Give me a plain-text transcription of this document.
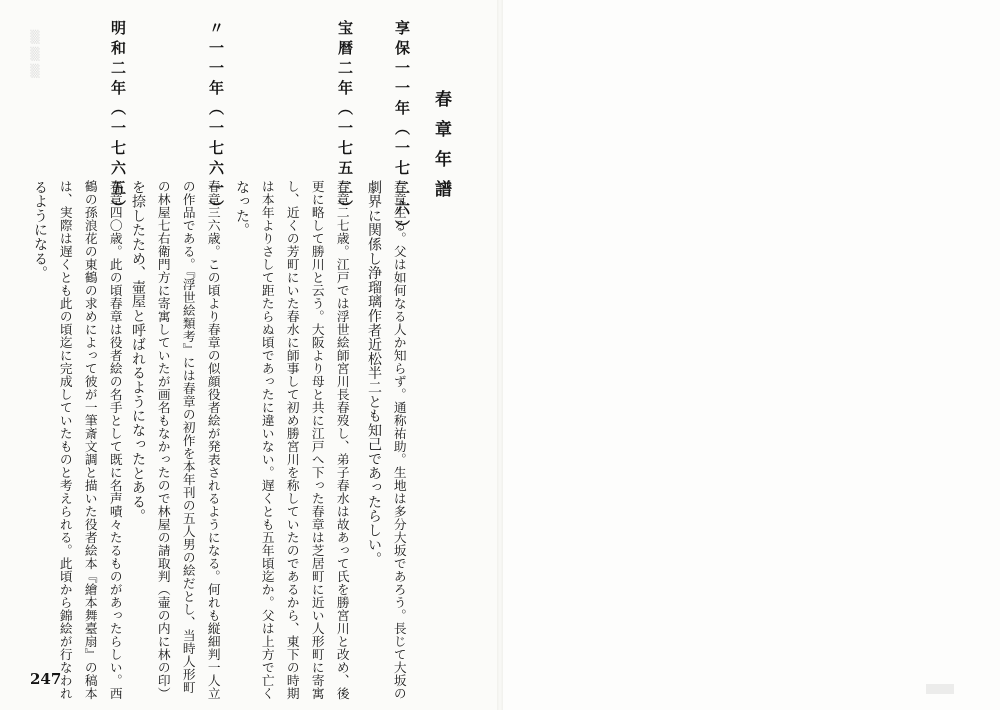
▒▒▒
春章年譜
享保一一年（一七二六）
春章生る。父は如何なる人か知らず。通称祐助。生地は多分大坂であろう。長じて大坂の
劇界に関係し浄瑠璃作者近松半二とも知己であったらしい。
宝暦二年（一七五二）
春章二七歳。江戸では浮世絵師宮川長春歿し、弟子春水は故あって氏を勝宮川と改め、後
更に略して勝川と云う。大阪より母と共に江戸へ下った春章は芝居町に近い人形町に寄寓
し、近くの芳町にいた春水に師事して初め勝宮川を称していたのであるから、東下の時期
は本年よりさして距たらぬ頃であったに違いない。遅くとも五年頃迄か。父は上方で亡く
なった。
〃一一年（一七六一）
春章三六歳。この頃より春章の似顔役者絵が発表されるようになる。何れも縦細判一人立
の作品である。『浮世絵類考』には春章の初作を本年刊の五人男の絵だとし、当時人形町
の林屋七右衛門方に寄寓していたが画名もなかったので林屋の請取判（壷の内に林の印）
を捺したため、壷屋と呼ばれるようになったとある。
明和二年（一七六五）
春章四〇歳。此の頃春章は役者絵の名手として既に名声嘖々たるものがあったらしい。西
鶴の孫浪花の東鶴の求めによって彼が一筆斎文調と描いた役者絵本『繪本舞臺扇』の稿本
は、実際は遅くとも此の頃迄に完成していたものと考えられる。此頃から錦絵が行なわれ
るようになる。
247
